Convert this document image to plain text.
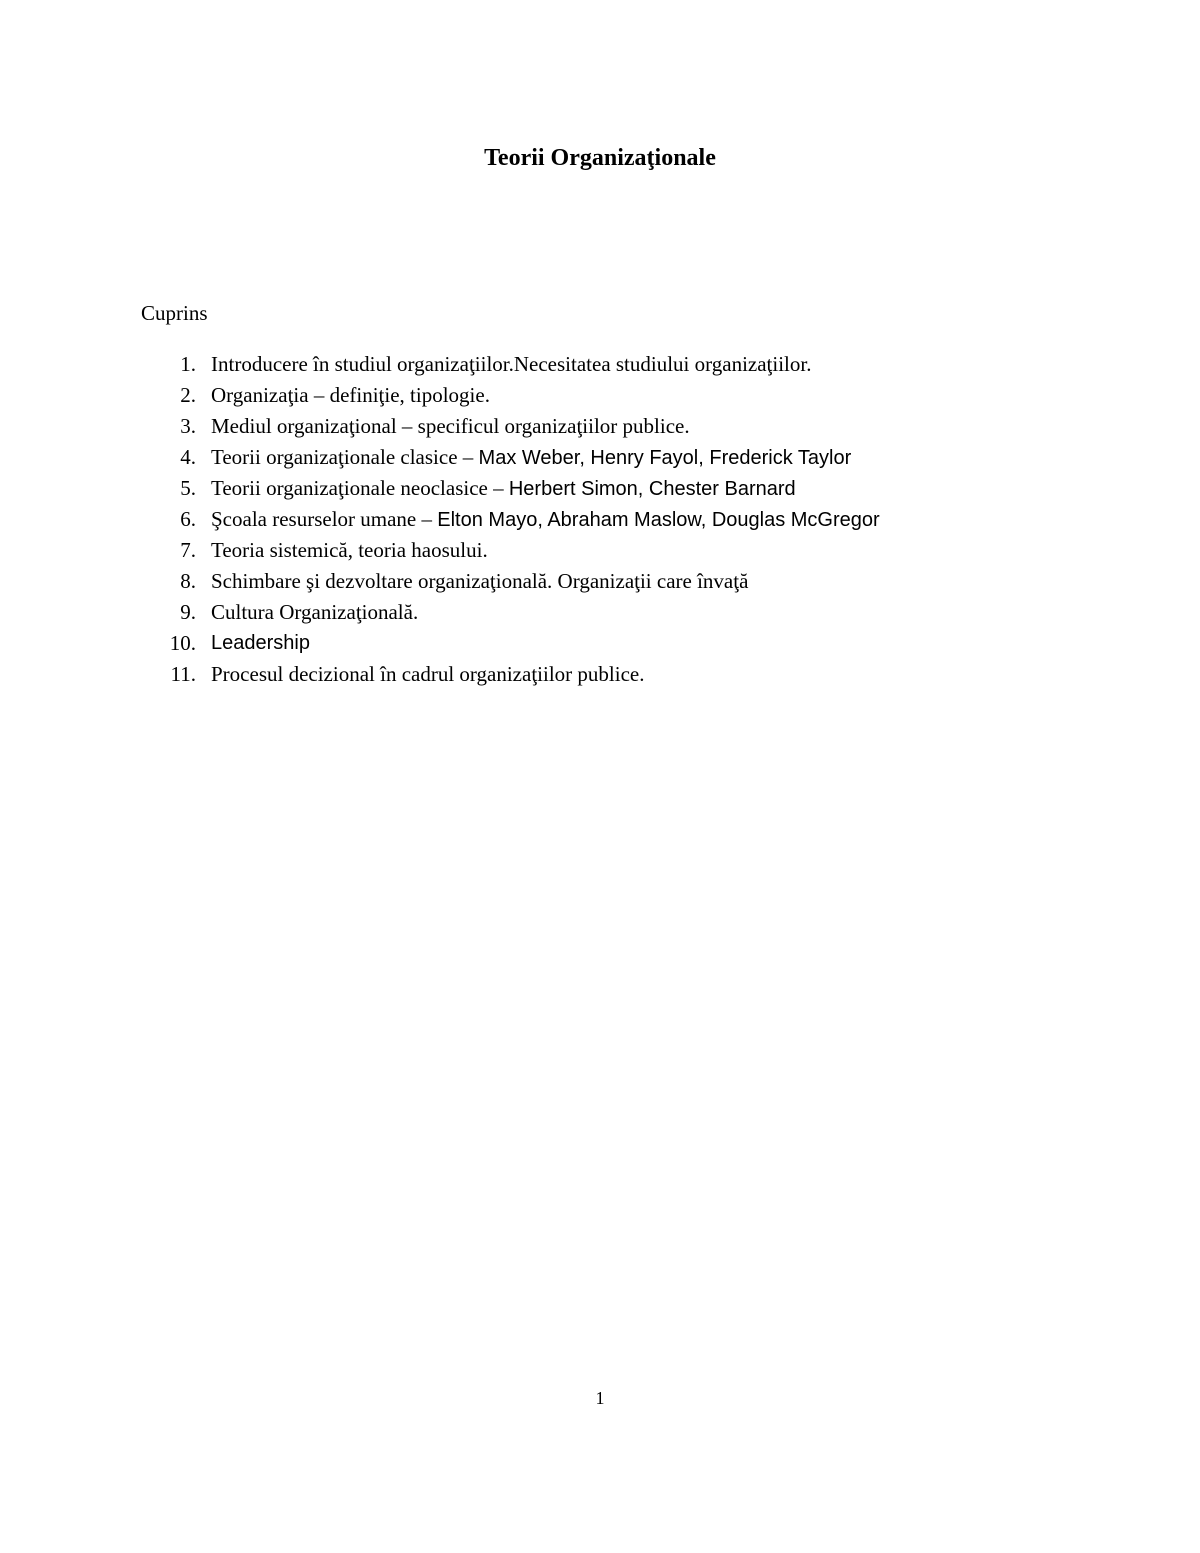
Teorii Organizaţionale
Cuprins
1. Introducere în studiul organizaţiilor.Necesitatea studiului organizaţiilor.
2. Organizaţia – definiţie, tipologie.
3. Mediul organizaţional – specificul organizaţiilor publice.
4. Teorii organizaţionale clasice – Max Weber, Henry Fayol, Frederick Taylor
5. Teorii organizaţionale neoclasice – Herbert Simon, Chester Barnard
6. Şcoala resurselor umane – Elton Mayo, Abraham Maslow, Douglas McGregor
7. Teoria sistemică, teoria haosului.
8. Schimbare şi dezvoltare organizaţională. Organizaţii care învaţă
9. Cultura Organizaţională.
10. Leadership
11. Procesul decizional în cadrul organizaţiilor publice.
1
